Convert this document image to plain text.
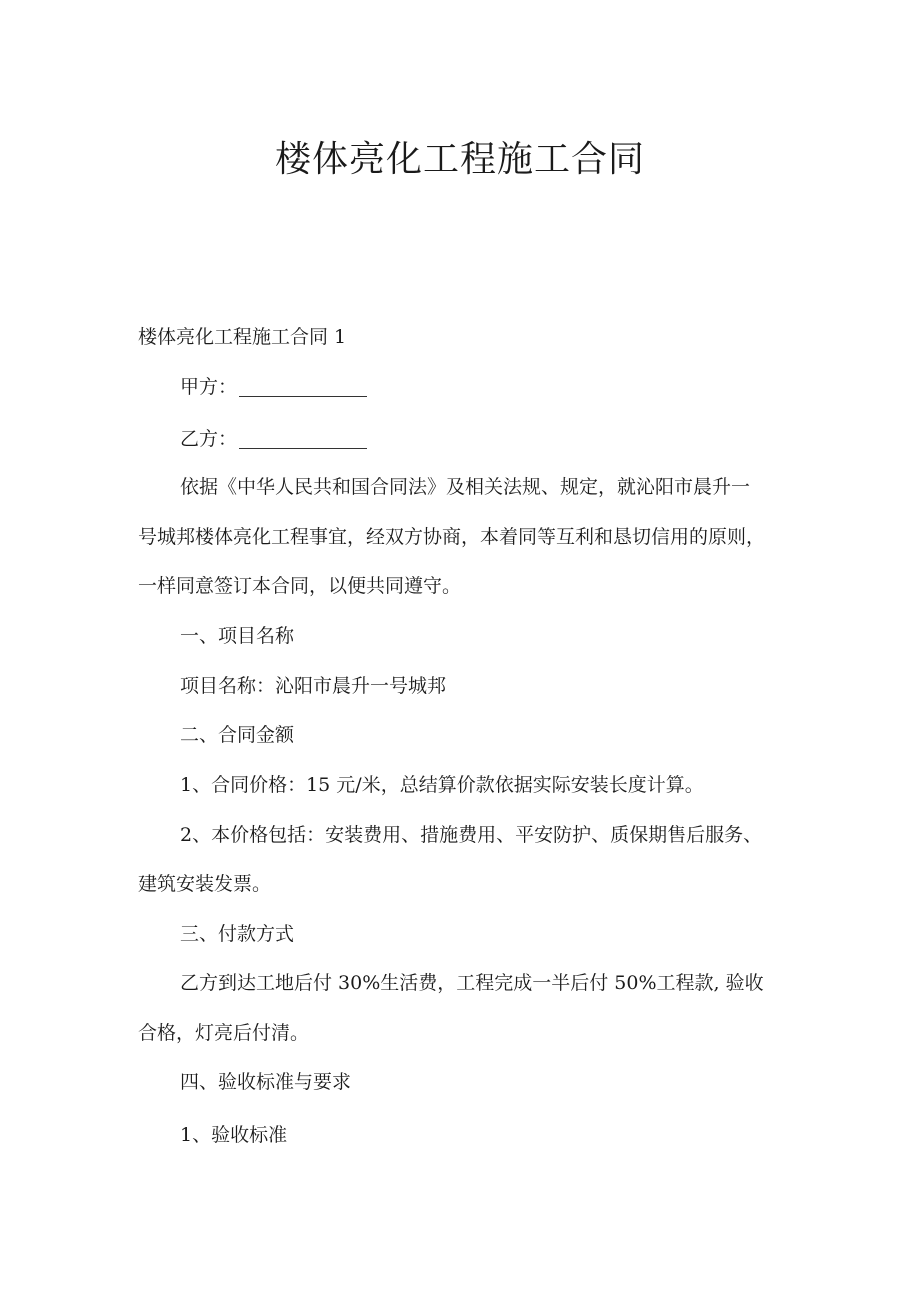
楼体亮化工程施工合同

楼体亮化工程施工合同 1

甲方：

乙方：

依据《中华人民共和国合同法》及相关法规、规定，就沁阳市晨升一

号城邦楼体亮化工程事宜，经双方协商，本着同等互利和恳切信用的原则，

一样同意签订本合同，以便共同遵守。

一、项目名称

项目名称：沁阳市晨升一号城邦

二、合同金额

1、合同价格：15 元/米，总结算价款依据实际安装长度计算。

2、本价格包括：安装费用、措施费用、平安防护、质保期售后服务、

建筑安装发票。

三、付款方式

乙方到达工地后付 30%生活费，工程完成一半后付 50%工程款, 验收

合格，灯亮后付清。

四、验收标准与要求

1、验收标准
